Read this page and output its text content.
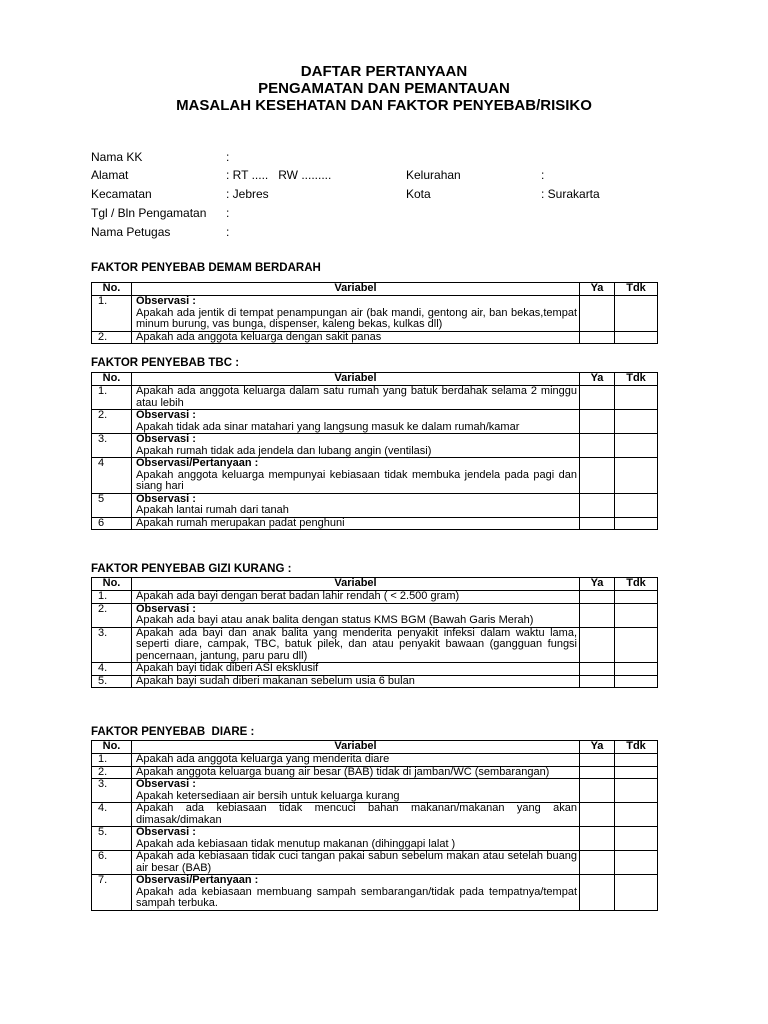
DAFTAR PERTANYAAN
PENGAMATAN DAN PEMANTAUAN
MASALAH KESEHATAN DAN FAKTOR PENYEBAB/RISIKO
Nama KK	:
Alamat	: RT .....   RW .........	Kelurahan	:
Kecamatan	: Jebres	Kota	: Surakarta
Tgl / Bln Pengamatan :
Nama Petugas	:
FAKTOR PENYEBAB DEMAM BERDARAH
FAKTOR PENYEBAB TBC :
FAKTOR PENYEBAB GIZI KURANG :
FAKTOR PENYEBAB  DIARE :
No.	Variabel	Ya	Tdk
1.	Observasi :
Apakah ada jentik di tempat penampungan air (bak mandi, gentong air, ban bekas,tempat minum burung, vas bunga, dispenser, kaleng bekas, kulkas dll)		

2.	Apakah ada anggota keluarga dengan sakit panas		

No.	Variabel	Ya	Tdk
1.	Apakah ada anggota keluarga dalam satu rumah yang batuk berdahak selama 2 minggu atau lebih		

2.	Observasi :
Apakah tidak ada sinar matahari yang langsung masuk ke dalam rumah/kamar		

3.	Observasi :
Apakah rumah tidak ada jendela dan lubang angin (ventilasi)		

4	Observasi/Pertanyaan :
Apakah anggota keluarga mempunyai kebiasaan tidak membuka jendela pada pagi dan siang hari		

5	Observasi :
Apakah lantai rumah dari tanah		

6	Apakah rumah merupakan padat penghuni		

No.	Variabel	Ya	Tdk
1.	Apakah ada bayi dengan berat badan lahir rendah ( < 2.500 gram)		

2.	Observasi :
Apakah ada bayi atau anak balita dengan status KMS BGM (Bawah Garis Merah)		

3.	Apakah ada bayi dan anak balita yang menderita penyakit infeksi dalam waktu lama, seperti diare, campak, TBC, batuk pilek, dan atau penyakit bawaan (gangguan fungsi pencernaan, jantung, paru paru dll)		

4.	Apakah bayi tidak diberi ASI eksklusif		

5.	Apakah bayi sudah diberi makanan sebelum usia 6 bulan		

No.	Variabel	Ya	Tdk
1.	Apakah ada anggota keluarga yang menderita diare		

2.	Apakah anggota keluarga buang air besar (BAB) tidak di jamban/WC (sembarangan)		

3.	Observasi :
Apakah ketersediaan air bersih untuk keluarga kurang		

4.	Apakah ada kebiasaan tidak mencuci bahan makanan/makanan yang akan dimasak/dimakan		

5.	Observasi :
Apakah ada kebiasaan tidak menutup makanan (dihinggapi lalat )		

6.	Apakah ada kebiasaan tidak cuci tangan pakai sabun sebelum makan atau setelah buang air besar (BAB)		

7.	Observasi/Pertanyaan :
Apakah ada kebiasaan membuang sampah sembarangan/tidak pada tempatnya/tempat sampah terbuka.		
